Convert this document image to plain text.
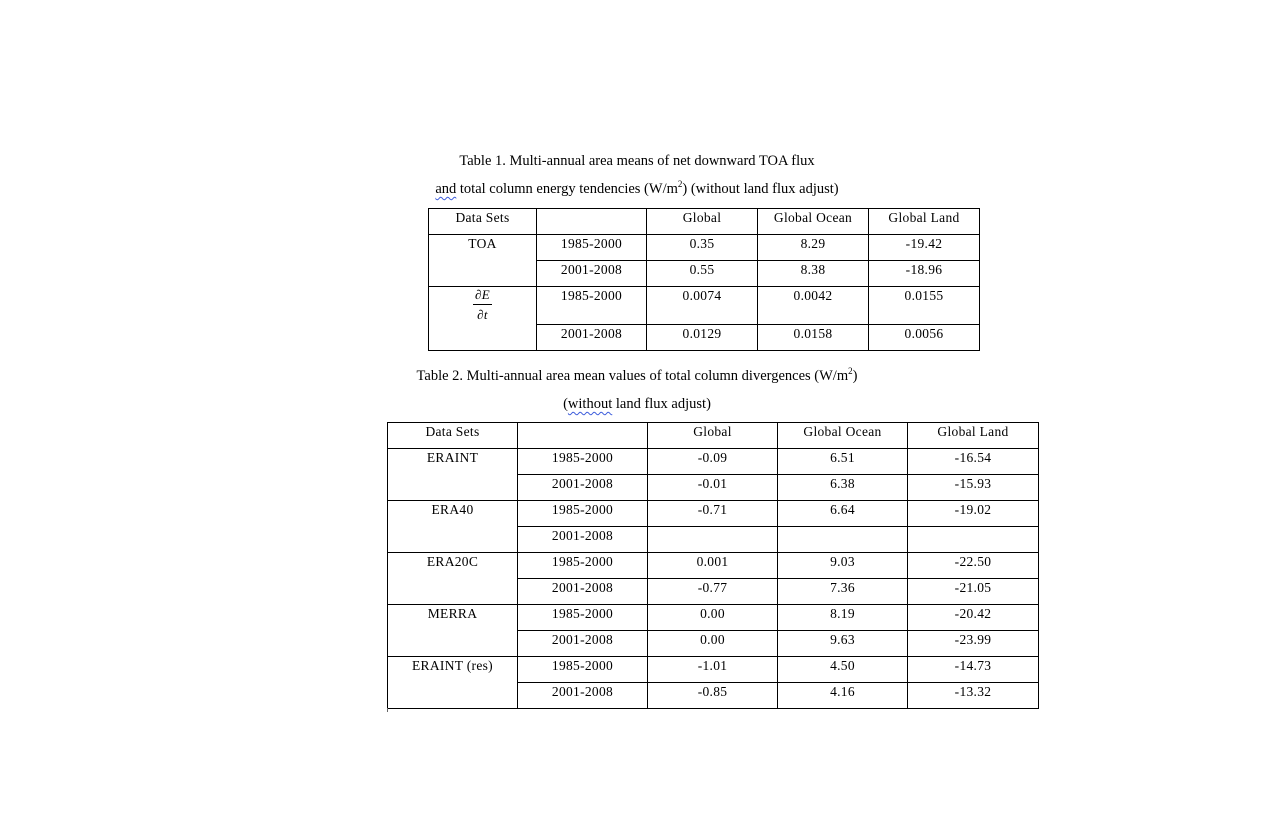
Table 1. Multi-annual area means of net downward TOA flux
and total column energy tendencies $(W/m^2)$ (without land flux adjust)
Data Sets		Global	Global Ocean	Global Land
TOA	1985-2000	0.35	8.29	-19.42
	2001-2008	0.55	8.38	-18.96

$\frac{\partial E}{\partial t}$	1985-2000	0.0074	0.0042	0.0155
	2001-2008	0.0129	0.0158	0.0056
Table 2. Multi-annual area mean values of total column divergences $(W/m^2)$
(without land flux adjust)
Data Sets		Global	Global Ocean	Global Land
ERAINT	1985-2000	-0.09	6.51	-16.54
	2001-2008	-0.01	6.38	-15.93
ERA40	1985-2000	-0.71	6.64	-19.02
	2001-2008			
ERA20C	1985-2000	0.001	9.03	-22.50
	2001-2008	-0.77	7.36	-21.05
MERRA	1985-2000	0.00	8.19	-20.42
	2001-2008	0.00	9.63	-23.99
ERAINT (res)	1985-2000	-1.01	4.50	-14.73
	2001-2008	-0.85	4.16	-13.32
